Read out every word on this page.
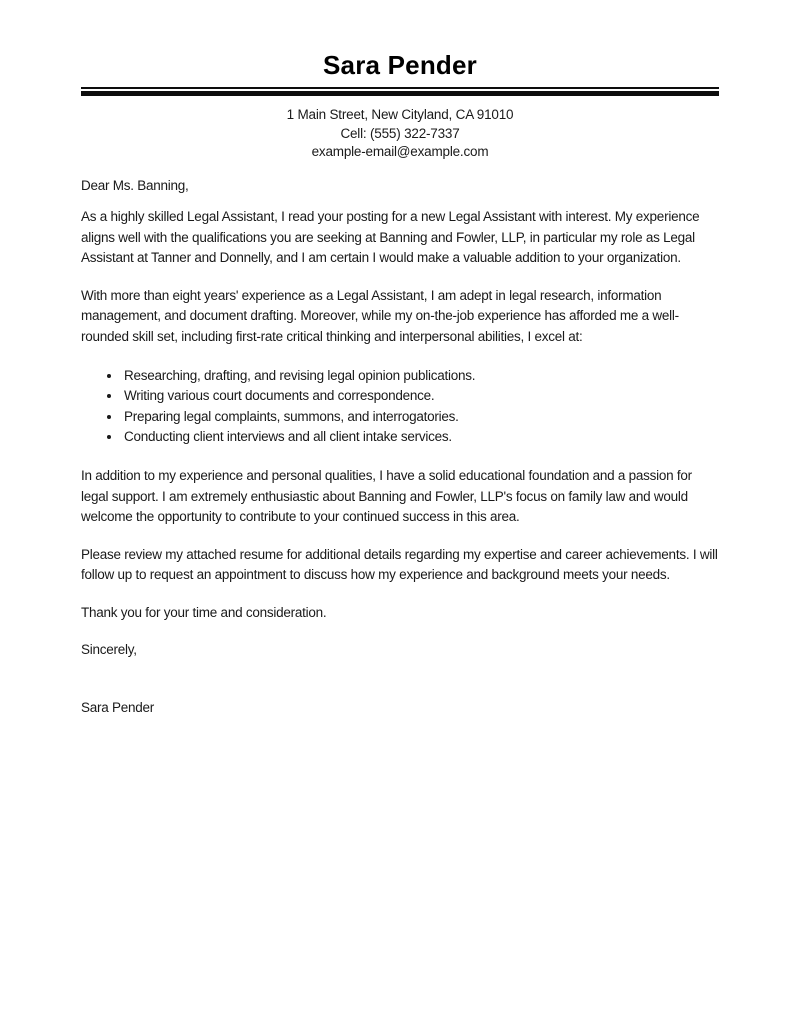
Sara Pender
1 Main Street, New Cityland, CA 91010
Cell: (555) 322-7337
example-email@example.com

Dear Ms. Banning,

As a highly skilled Legal Assistant, I read your posting for a new Legal Assistant with interest. My experience aligns well with the qualifications you are seeking at Banning and Fowler, LLP, in particular my role as Legal Assistant at Tanner and Donnelly, and I am certain I would make a valuable addition to your organization.

With more than eight years' experience as a Legal Assistant, I am adept in legal research, information management, and document drafting. Moreover, while my on-the-job experience has afforded me a well-rounded skill set, including first-rate critical thinking and interpersonal abilities, I excel at:

• Researching, drafting, and revising legal opinion publications.
• Writing various court documents and correspondence.
• Preparing legal complaints, summons, and interrogatories.
• Conducting client interviews and all client intake services.

In addition to my experience and personal qualities, I have a solid educational foundation and a passion for legal support. I am extremely enthusiastic about Banning and Fowler, LLP's focus on family law and would welcome the opportunity to contribute to your continued success in this area.

Please review my attached resume for additional details regarding my expertise and career achievements. I will follow up to request an appointment to discuss how my experience and background meets your needs.

Thank you for your time and consideration.

Sincerely,

Sara Pender
